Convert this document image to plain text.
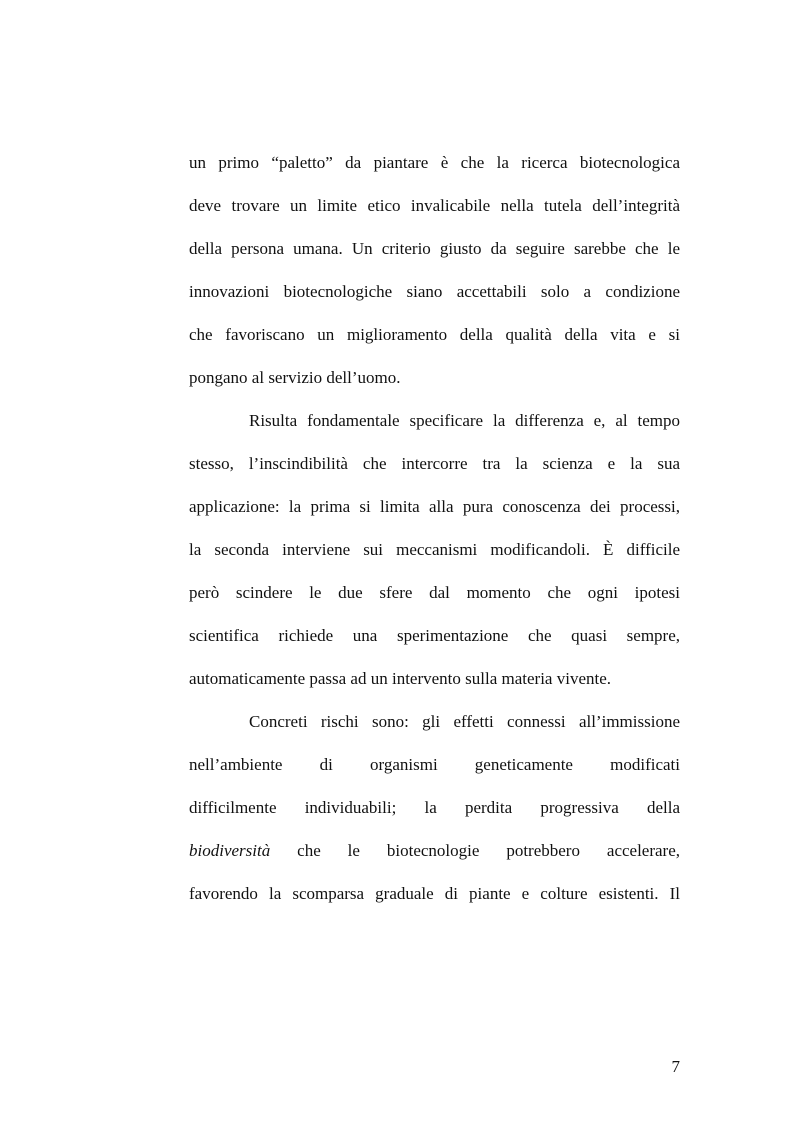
un primo “paletto” da piantare è che la ricerca biotecnologica
deve trovare un limite etico invalicabile nella tutela dell’integrità
della persona umana. Un criterio giusto da seguire sarebbe che le
innovazioni biotecnologiche siano accettabili solo a condizione
che favoriscano un miglioramento della qualità della vita e si
pongano al servizio dell’uomo.
Risulta fondamentale specificare la differenza e, al tempo
stesso, l’inscindibilità che intercorre tra la scienza e la sua
applicazione: la prima si limita alla pura conoscenza dei processi,
la seconda interviene sui meccanismi modificandoli. È difficile
però scindere le due sfere dal momento che ogni ipotesi
scientifica richiede una sperimentazione che quasi sempre,
automaticamente passa ad un intervento sulla materia vivente.
Concreti rischi sono: gli effetti connessi all’immissione
nell’ambiente di organismi geneticamente modificati
difficilmente individuabili; la perdita progressiva della
biodiversità che le biotecnologie potrebbero accelerare,
favorendo la scomparsa graduale di piante e colture esistenti. Il
7
